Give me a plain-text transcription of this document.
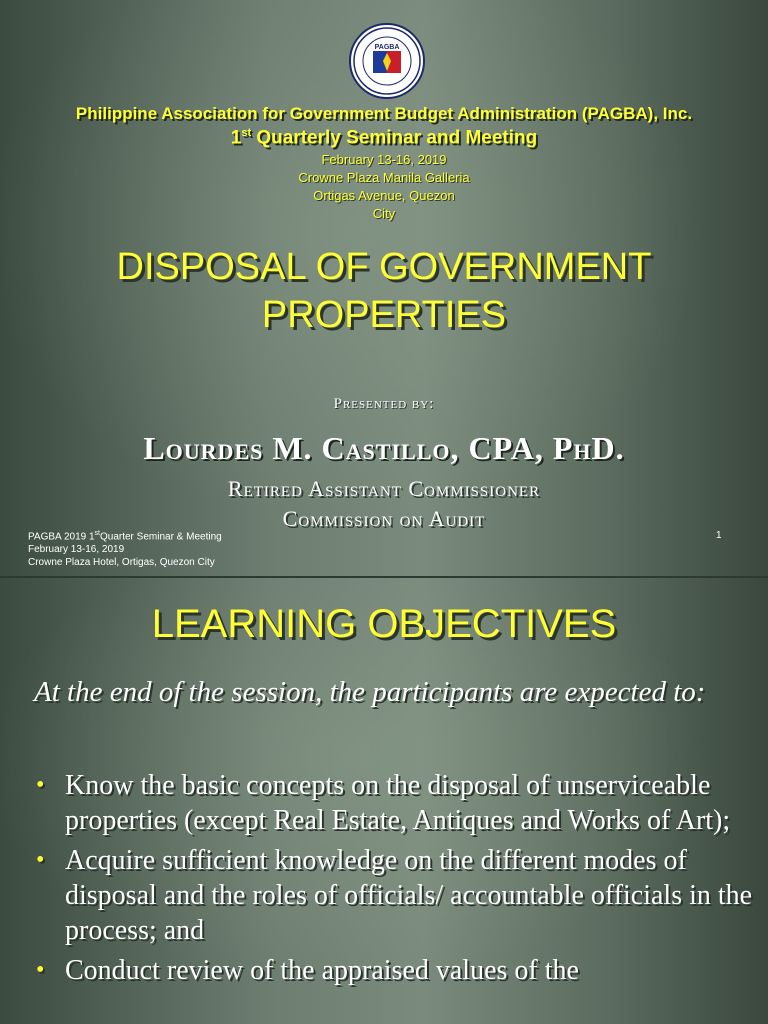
PAGBA
Philippine Association for Government Budget Administration (PAGBA), Inc.
1st Quarterly Seminar and Meeting
February 13-16, 2019
Crowne Plaza Manila Galleria
Ortigas Avenue, Quezon
City
DISPOSAL OF GOVERNMENT
PROPERTIES
Presented by:
Lourdes M. Castillo, CPA, PhD.
Retired Assistant Commissioner
Commission on Audit
PAGBA 2019 1stQuarter Seminar & Meeting
February 13-16, 2019
Crowne Plaza Hotel, Ortigas, Quezon City
1
LEARNING OBJECTIVES
At the end of the session, the participants are expected to:
• Know the basic concepts on the disposal of unserviceable properties (except Real Estate, Antiques and Works of Art);
• Acquire sufficient knowledge on the different modes of disposal and the roles of officials/ accountable officials in the process; and
• Conduct review of the appraised values of the
